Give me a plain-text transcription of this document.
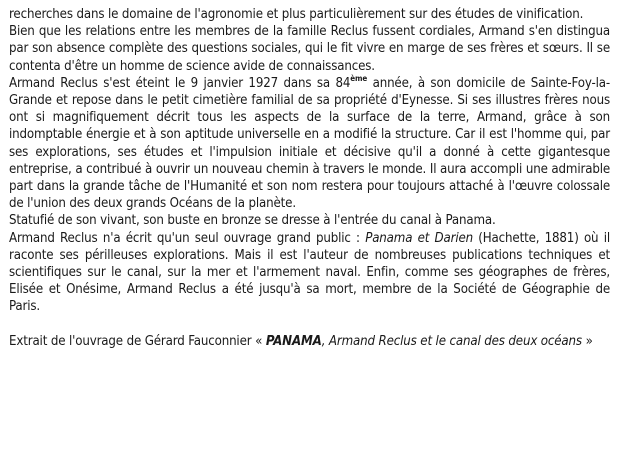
recherches dans le domaine de l'agronomie et plus particulièrement sur des études de vinification.

Bien que les relations entre les membres de la famille Reclus fussent cordiales, Armand s'en distingua par son absence complète des questions sociales, qui le fit vivre en marge de ses frères et sœurs. Il se contenta d'être un homme de science avide de connaissances.

Armand Reclus s'est éteint le 9 janvier 1927 dans sa 84ème année, à son domicile de Sainte-Foy-la-Grande et repose dans le petit cimetière familial de sa propriété d'Eynesse. Si ses illustres frères nous ont si magnifiquement décrit tous les aspects de la surface de la terre, Armand, grâce à son indomptable énergie et à son aptitude universelle en a modifié la structure. Car il est l'homme qui, par ses explorations, ses études et l'impulsion initiale et décisive qu'il a donné à cette gigantesque entreprise, a contribué à ouvrir un nouveau chemin à travers le monde. Il aura accompli une admirable part dans la grande tâche de l'Humanité et son nom restera pour toujours attaché à l'œuvre colossale de l'union des deux grands Océans de la planète.

Statufié de son vivant, son buste en bronze se dresse à l'entrée du canal à Panama.

Armand Reclus n'a écrit qu'un seul ouvrage grand public : Panama et Darien (Hachette, 1881) où il raconte ses périlleuses explorations. Mais il est l'auteur de nombreuses publications techniques et scientifiques sur le canal, sur la mer et l'armement naval. Enfin, comme ses géographes de frères, Elisée et Onésime, Armand Reclus a été jusqu'à sa mort, membre de la Société de Géographie de Paris.

Extrait de l'ouvrage de Gérard Fauconnier « PANAMA, Armand Reclus et le canal des deux océans »
